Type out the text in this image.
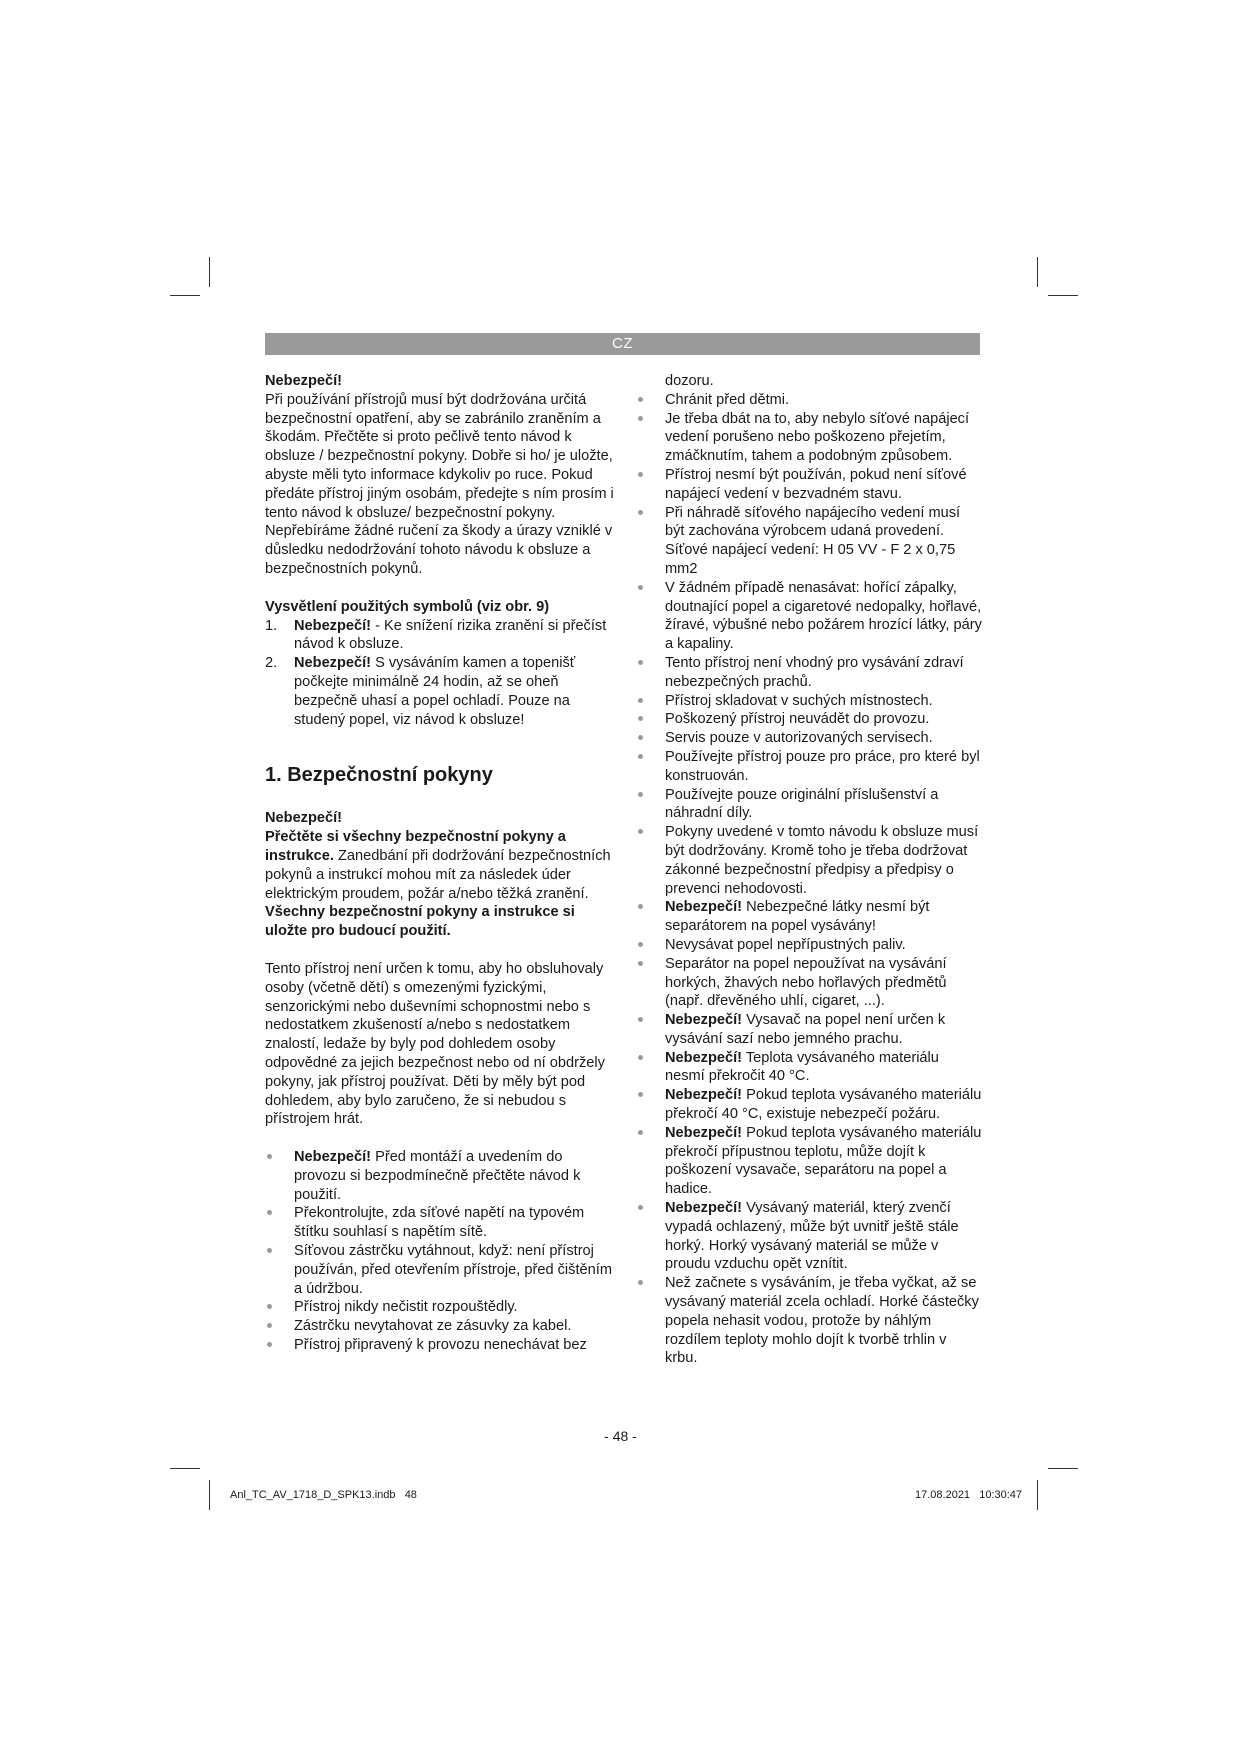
CZ

Nebezpečí!

Při používání přístrojů musí být dodržována určitá bezpečnostní opatření, aby se zabránilo zraněním a škodám. Přečtěte si proto pečlivě tento návod k obsluze / bezpečnostní pokyny. Dobře si ho/ je uložte, abyste měli tyto informace kdykoliv po ruce. Pokud předáte přístroj jiným osobám, předejte s ním prosím i tento návod k obsluze/ bezpečnostní pokyny. Nepřebíráme žádné ručení za škody a úrazy vzniklé v důsledku nedodržování tohoto návodu k obsluze a bezpečnostních pokynů.

Vysvětlení použitých symbolů (viz obr. 9)

1. Nebezpečí! - Ke snížení rizika zranění si přečíst návod k obsluze.
2. Nebezpečí! S vysáváním kamen a topenišť počkejte minimálně 24 hodin, až se oheň bezpečně uhasí a popel ochladí. Pouze na studený popel, viz návod k obsluze!

1. Bezpečnostní pokyny

Nebezpečí!

Přečtěte si všechny bezpečnostní pokyny a instrukce. Zanedbání při dodržování bezpečnostních pokynů a instrukcí mohou mít za následek úder elektrickým proudem, požár a/nebo těžká zranění. Všechny bezpečnostní pokyny a instrukce si uložte pro budoucí použití.

Tento přístroj není určen k tomu, aby ho obsluhovaly osoby (včetně dětí) s omezenými fyzickými, senzorickými nebo duševními schopnostmi nebo s nedostatkem zkušeností a/nebo s nedostatkem znalostí, ledaže by byly pod dohledem osoby odpovědné za jejich bezpečnost nebo od ní obdržely pokyny, jak přístroj používat. Děti by měly být pod dohledem, aby bylo zaručeno, že si nebudou s přístrojem hrát.

Nebezpečí! Před montáží a uvedením do provozu si bezpodmínečně přečtěte návod k použití.
Překontrolujte, zda síťové napětí na typovém štítku souhlasí s napětím sítě.
Síťovou zástrčku vytáhnout, když: není přístroj používán, před otevřením přístroje, před čištěním a údržbou.
Přístroj nikdy nečistit rozpouštědly.
Zástrčku nevytahovat ze zásuvky za kabel.
Přístroj připravený k provozu nenechávat bez

dozoru.

Chránit před dětmi.
Je třeba dbát na to, aby nebylo síťové napájecí vedení porušeno nebo poškozeno přejetím, zmáčknutím, tahem a podobným způsobem.
Přístroj nesmí být používán, pokud není síťové napájecí vedení v bezvadném stavu.
Při náhradě síťového napájecího vedení musí být zachována výrobcem udaná provedení. Síťové napájecí vedení: H 05 VV - F 2 x 0,75 mm2
V žádném případě nenasávat: hořící zápalky, doutnající popel a cigaretové nedopalky, hořlavé, žíravé, výbušné nebo požárem hrozící látky, páry a kapaliny.
Tento přístroj není vhodný pro vysávání zdraví nebezpečných prachů.
Přístroj skladovat v suchých místnostech.
Poškozený přístroj neuvádět do provozu.
Servis pouze v autorizovaných servisech.
Používejte přístroj pouze pro práce, pro které byl konstruován.
Používejte pouze originální příslušenství a náhradní díly.
Pokyny uvedené v tomto návodu k obsluze musí být dodržovány. Kromě toho je třeba dodržovat zákonné bezpečnostní předpisy a předpisy o prevenci nehodovosti.
Nebezpečí! Nebezpečné látky nesmí být separátorem na popel vysávány!
Nevysávat popel nepřípustných paliv.
Separátor na popel nepoužívat na vysávání horkých, žhavých nebo hořlavých předmětů (např. dřevěného uhlí, cigaret, ...).
Nebezpečí! Vysavač na popel není určen k vysávání sazí nebo jemného prachu.
Nebezpečí! Teplota vysávaného materiálu nesmí překročit 40 °C.
Nebezpečí! Pokud teplota vysávaného materiálu překročí 40 °C, existuje nebezpečí požáru.
Nebezpečí! Pokud teplota vysávaného materiálu překročí přípustnou teplotu, může dojít k poškození vysavače, separátoru na popel a hadice.
Nebezpečí! Vysávaný materiál, který zvenčí vypadá ochlazený, může být uvnitř ještě stále horký. Horký vysávaný materiál se může v proudu vzduchu opět vznítit.
Než začnete s vysáváním, je třeba vyčkat, až se vysávaný materiál zcela ochladí. Horké částečky popela nehasit vodou, protože by náhlým rozdílem teploty mohlo dojít k tvorbě trhlin v krbu.
- 48 -
Anl_TC_AV_1718_D_SPK13.indb   48	17.08.2021   10:30:47
